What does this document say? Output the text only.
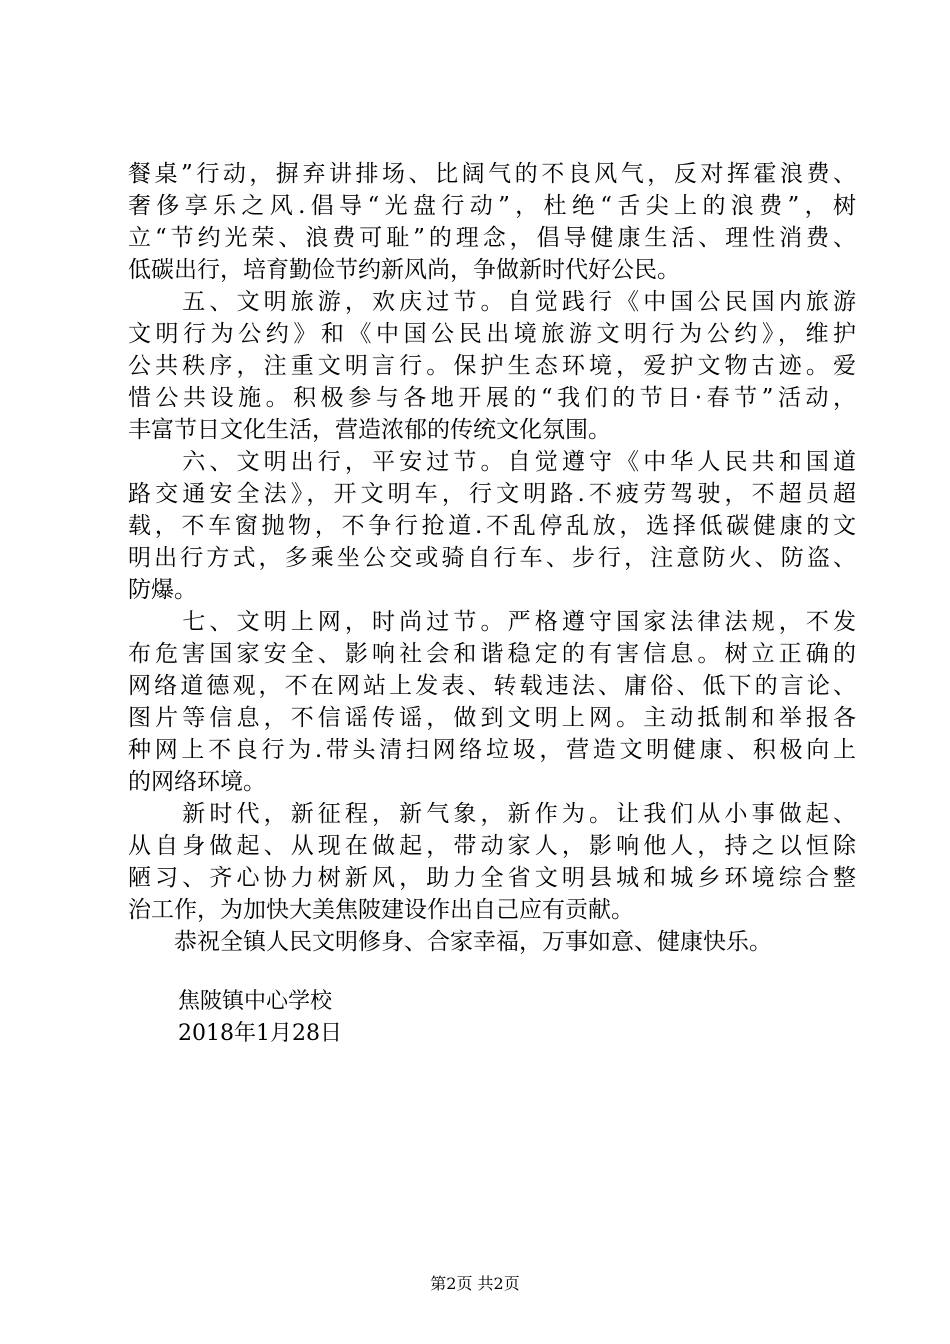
餐桌”行动，摒弃讲排场、比阔气的不良风气，反对挥霍浪费、
奢侈享乐之风.倡导“光盘行动”，杜绝“舌尖上的浪费”，树
立“节约光荣、浪费可耻”的理念，倡导健康生活、理性消费、
低碳出行，培育勤俭节约新风尚，争做新时代好公民。
　　五、文明旅游，欢庆过节。自觉践行《中国公民国内旅游
文明行为公约》和《中国公民出境旅游文明行为公约》，维护
公共秩序，注重文明言行。保护生态环境，爱护文物古迹。爱
惜公共设施。积极参与各地开展的“我们的节日·春节”活动，
丰富节日文化生活，营造浓郁的传统文化氛围。
　　六、文明出行，平安过节。自觉遵守《中华人民共和国道
路交通安全法》，开文明车，行文明路.不疲劳驾驶，不超员超
载，不车窗抛物，不争行抢道.不乱停乱放，选择低碳健康的文
明出行方式，多乘坐公交或骑自行车、步行，注意防火、防盗、
防爆。
　　七、文明上网，时尚过节。严格遵守国家法律法规，不发
布危害国家安全、影响社会和谐稳定的有害信息。树立正确的
网络道德观，不在网站上发表、转载违法、庸俗、低下的言论、
图片等信息，不信谣传谣，做到文明上网。主动抵制和举报各
种网上不良行为.带头清扫网络垃圾，营造文明健康、积极向上
的网络环境。
　　新时代，新征程，新气象，新作为。让我们从小事做起、
从自身做起、从现在做起，带动家人，影响他人，持之以恒除
陋习、齐心协力树新风，助力全省文明县城和城乡环境综合整
治工作，为加快大美焦陂建设作出自己应有贡献。
　　恭祝全镇人民文明修身、合家幸福，万事如意、健康快乐。
焦陂镇中心学校
2018年1月28日
第2页 共2页
